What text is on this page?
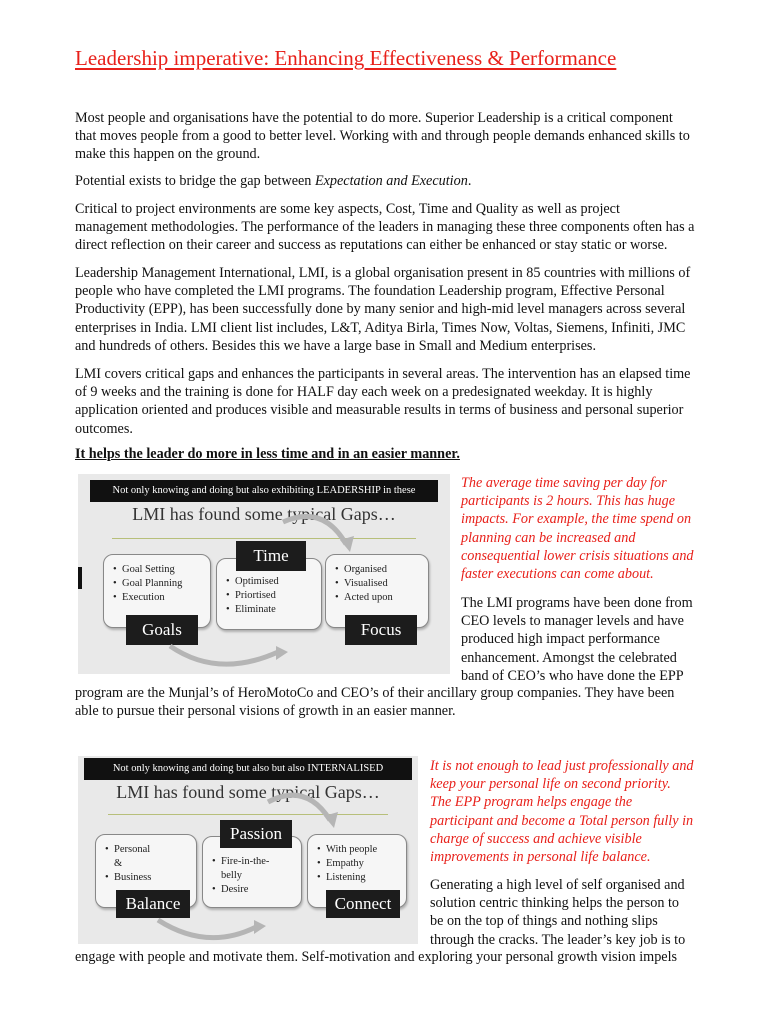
Leadership imperative: Enhancing Effectiveness & Performance

Most people and organisations have the potential to do more. Superior Leadership is a critical component that moves people from a good to better level. Working with and through people demands enhanced skills to make this happen on the ground.

Potential exists to bridge the gap between Expectation and Execution.

Critical to project environments are some key aspects, Cost, Time and Quality as well as project management methodologies. The performance of the leaders in managing these three components often has a direct reflection on their career and success as reputations can either be enhanced or stay static or worse.

Leadership Management International, LMI, is a global organisation present in 85 countries with millions of people who have completed the LMI programs. The foundation Leadership program, Effective Personal Productivity (EPP), has been successfully done by many senior and high-mid level managers across several enterprises in India. LMI client list includes, L&T, Aditya Birla, Times Now, Voltas, Siemens, Infiniti, JMC and hundreds of others. Besides this we have a large base in Small and Medium enterprises.

LMI covers critical gaps and enhances the participants in several areas. The intervention has an elapsed time of 9 weeks and the training is done for HALF day each week on a predesignated weekday. It is highly application oriented and produces visible and measurable results in terms of business and personal superior outcomes.

It helps the leader do more in less time and in an easier manner.

Not only knowing and doing but also exhibiting LEADERSHIP in these
LMI has found some typical Gaps…
• Goal Setting
• Goal Planning
• Execution
• Optimised
• Priortised
• Eliminate
• Organised
• Visualised
• Acted upon
Goals
Time
Focus

The average time saving per day for participants is 2 hours. This has huge impacts. For example, the time spend on planning can be increased and consequential lower crisis situations and faster executions can come about.

The LMI programs have been done from CEO levels to manager levels and have produced high impact performance enhancement. Amongst the celebrated band of CEO’s who have done the EPP

program are the Munjal’s of HeroMotoCo and CEO’s of their ancillary group companies. They have been able to pursue their personal visions of growth in an easier manner.

Not only knowing and doing but also but also INTERNALISED
LMI has found some typical Gaps…
• Personal
&
• Business
• Fire-in-the-
belly
• Desire
• With people
• Empathy
• Listening
Balance
Passion
Connect

It is not enough to lead just professionally and keep your personal life on second priority. The EPP program helps engage the participant and become a Total person fully in charge of success and achieve visible improvements in personal life balance.

Generating a high level of self organised and solution centric thinking helps the person to be on the top of things and nothing slips through the cracks. The leader’s key job is to

engage with people and motivate them. Self-motivation and exploring your personal growth vision impels
